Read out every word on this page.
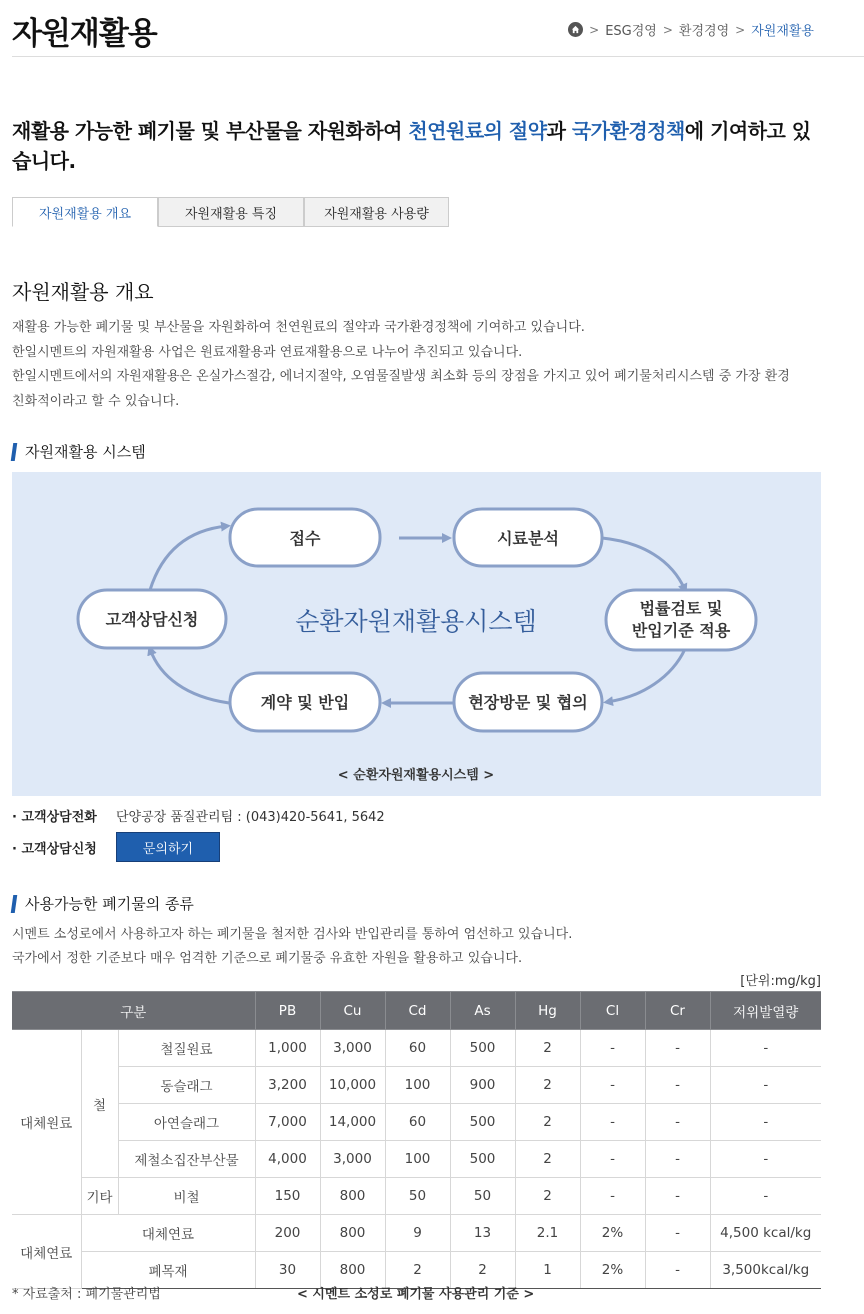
자원재활용	> ESG경영 > 환경경영 > 자원재활용
재활용 가능한 폐기물 및 부산물을 자원화하여 천연원료의 절약과 국가환경정책에 기여하고 있습니다.
자원재활용 개요	자원재활용 특징	자원재활용 사용량
자원재활용 개요
재활용 가능한 폐기물 및 부산물을 자원화하여 천연원료의 절약과 국가환경정책에 기여하고 있습니다.
한일시멘트의 자원재활용 사업은 원료재활용과 연료재활용으로 나누어 추진되고 있습니다.
한일시멘트에서의 자원재활용은 온실가스절감, 에너지절약, 오염물질발생 최소화 등의 장점을 가지고 있어 폐기물처리시스템 중 가장 환경
친화적이라고 할 수 있습니다.
자원재활용 시스템
접수	시료분석
법률검토 및
반입기준 적용
현장방문 및 협의
계약 및 반입
고객상담신청	순환자원재활용시스템
< 순환자원재활용시스템 >
· 고객상담전화	단양공장 품질관리팀 : (043)420-5641, 5642
· 고객상담신청	문의하기
사용가능한 폐기물의 종류
시멘트 소성로에서 사용하고자 하는 폐기물을 철저한 검사와 반입관리를 통하여 엄선하고 있습니다.
국가에서 정한 기준보다 매우 엄격한 기준으로 폐기물중 유효한 자원을 활용하고 있습니다.
[단위:mg/kg]
구분			PB	Cu	Cd	As	Hg	Cl	Cr	저위발열량
대체원료	철	철질원료	1,000	3,000	60	500	2	-	-	-
		동슬래그	3,200	10,000	100	900	2	-	-	-
		아연슬래그	7,000	14,000	60	500	2	-	-	-
		제철소집잔부산물	4,000	3,000	100	500	2	-	-	-
	기타	비철	150	800	50	50	2	-	-	-
대체연료	대체연료		200	800	9	13	2.1	2%	-	4,500 kcal/kg
	폐목재		30	800	2	2	1	2%	-	3,500kcal/kg
* 자료출처 : 폐기물관리법	< 시멘트 소성로 폐기물 사용관리 기준 >
